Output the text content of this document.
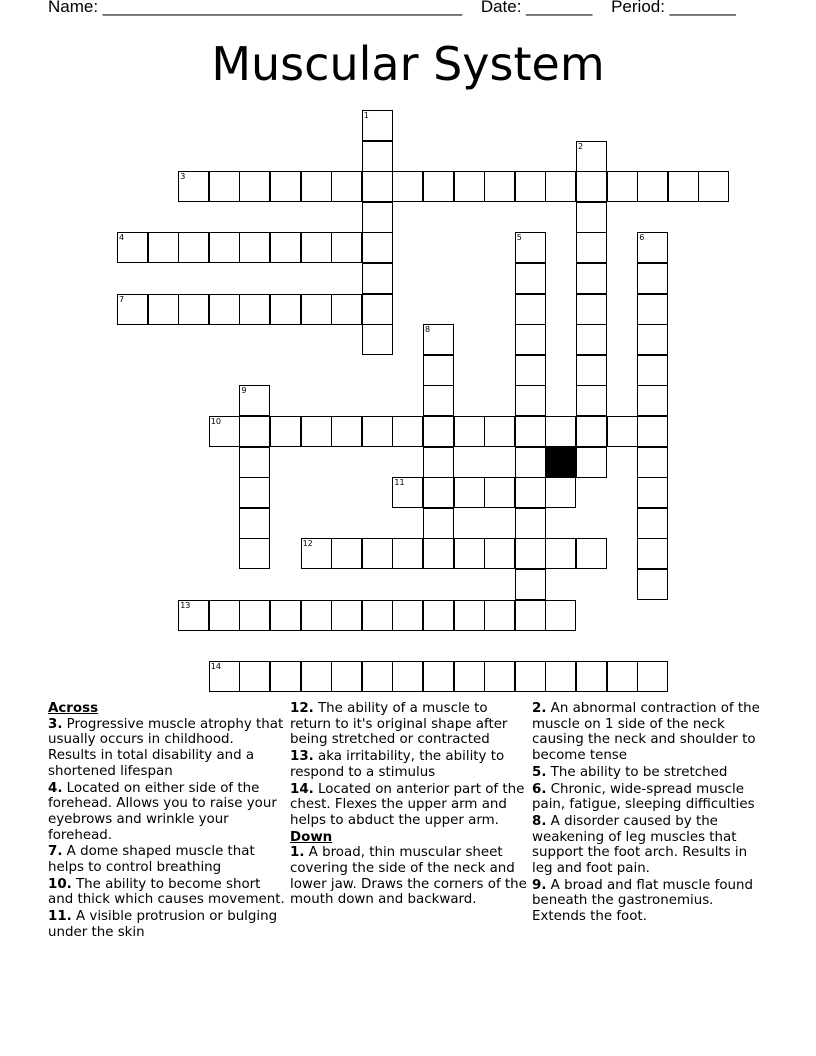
Name: ______________________________________ Date: _______ Period: _______
Muscular System
3
4
7
10
11
12
13
14
1
2
5	6
8
9
Across
3. Progressive muscle atrophy that usually occurs in childhood. Results in total disability and a shortened lifespan
4. Located on either side of the forehead. Allows you to raise your eyebrows and wrinkle your forehead.
7. A dome shaped muscle that helps to control breathing
10. The ability to become short and thick which causes movement.
11. A visible protrusion or bulging under the skin
12. The ability of a muscle to return to it's original shape after being stretched or contracted
13. aka irritability, the ability to respond to a stimulus
14. Located on anterior part of the chest. Flexes the upper arm and helps to abduct the upper arm.
Down
1. A broad, thin muscular sheet covering the side of the neck and lower jaw. Draws the corners of the mouth down and backward.
2. An abnormal contraction of the muscle on 1 side of the neck causing the neck and shoulder to become tense
5. The ability to be stretched
6. Chronic, wide-spread muscle pain, fatigue, sleeping difficulties
8. A disorder caused by the weakening of leg muscles that support the foot arch. Results in leg and foot pain.
9. A broad and flat muscle found beneath the gastronemius. Extends the foot.
